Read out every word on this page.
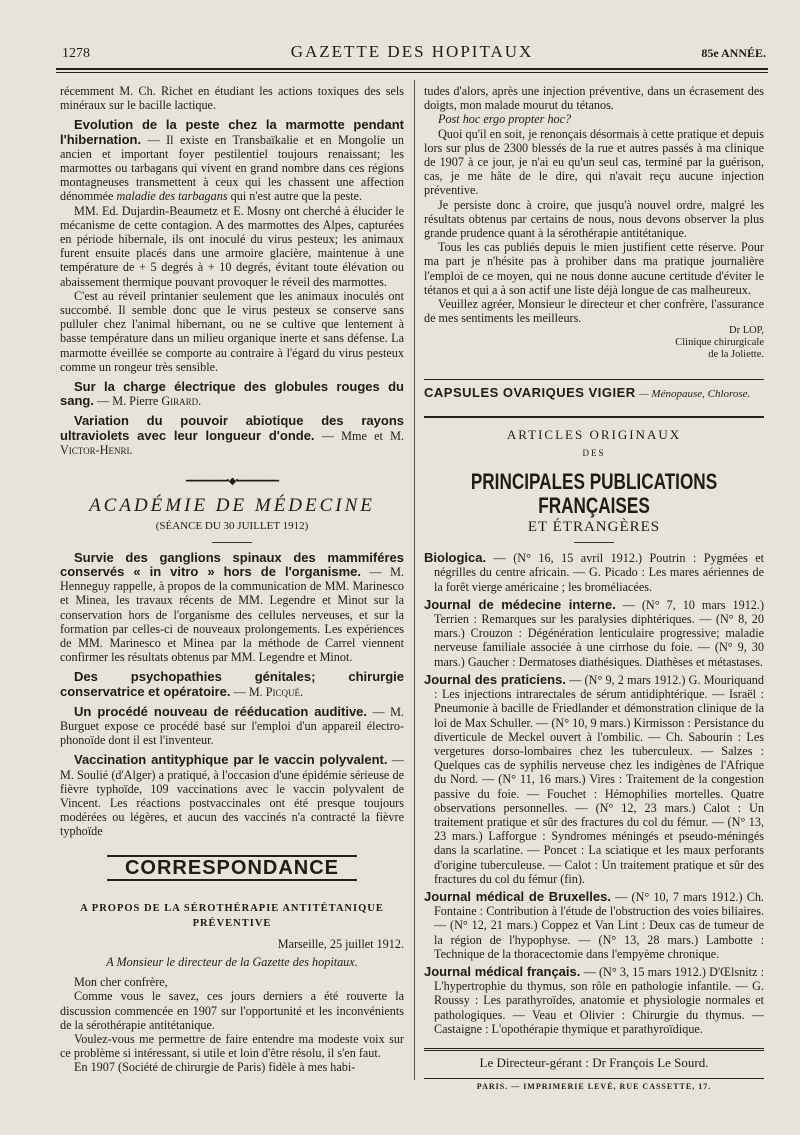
1278	GAZETTE DES HOPITAUX	85e ANNÉE.

récemment M. Ch. Richet en étudiant les actions toxiques des sels minéraux sur le bacille lactique.

Evolution de la peste chez la marmotte pendant l'hibernation. — Il existe en Transbaïkalie et en Mongolie un ancien et important foyer pestilentiel toujours renaissant; les marmottes ou tarbagans qui vivent en grand nombre dans ces régions montagneuses transmettent à ceux qui les chassent une affection dénommée maladie des tarbagans qui n'est autre que la peste.

MM. Ed. Dujardin-Beaumetz et E. Mosny ont cherché à élucider le mécanisme de cette contagion. A des marmottes des Alpes, capturées en période hibernale, ils ont inoculé du virus pesteux; les animaux furent ensuite placés dans une armoire glacière, maintenue à une température de + 5 degrés à + 10 degrés, évitant toute élévation ou abaissement thermique pouvant provoquer le réveil des marmottes.

C'est au réveil printanier seulement que les animaux inoculés ont succombé. Il semble donc que le virus pesteux se conserve sans pulluler chez l'animal hibernant, ou ne se cultive que lentement à basse température dans un milieu organique inerte et sans défense. La marmotte éveillée se comporte au contraire à l'égard du virus pesteux comme un rongeur très sensible.

Sur la charge électrique des globules rouges du sang. — M. Pierre Girard.

Variation du pouvoir abiotique des rayons ultraviolets avec leur longueur d'onde. — Mme et M. Victor-Henri.

━━━━━━━━•◆•━━━━━━━━
ACADÉMIE DE MÉDECINE
(SÉANCE DU 30 JUILLET 1912)

Survie des ganglions spinaux des mammiféres conservés « in vitro » hors de l'organisme. — M. Henneguy rappelle, à propos de la communication de MM. Marinesco et Minea, les travaux récents de MM. Legendre et Minot sur la conservation hors de l'organisme des cellules nerveuses, et sur la formation par celles-ci de nouveaux prolongements. Les expériences de MM. Marinesco et Minea par la méthode de Carrel viennent confirmer les résultats obtenus par MM. Legendre et Minot.

Des psychopathies génitales; chirurgie conservatrice et opératoire. — M. Picqué.

Un procédé nouveau de rééducation auditive. — M. Burguet expose ce procédé basé sur l'emploi d'un appareil électro-phonoïde dont il est l'inventeur.

Vaccination antityphique par le vaccin polyvalent. — M. Soulié (d'Alger) a pratiqué, à l'occasion d'une épidémie sérieuse de fièvre typhoïde, 109 vaccinations avec le vaccin polyvalent de Vincent. Les réactions postvaccinales ont été presque toujours modérées ou légères, et aucun des vaccinés n'a contracté la fièvre typhoïde

CORRESPONDANCE
A PROPOS DE LA SÉROTHÉRAPIE ANTITÉTANIQUE PRÉVENTIVE

Marseille, 25 juillet 1912.

A Monsieur le directeur de la Gazette des hopitaux.

Mon cher confrère,

Comme vous le savez, ces jours derniers a été rouverte la discussion commencée en 1907 sur l'opportunité et les inconvénients de la sérothérapie antitétanique.

Voulez-vous me permettre de faire entendre ma modeste voix sur ce problème si intéressant, si utile et loin d'être résolu, il s'en faut.

En 1907 (Société de chirurgie de Paris) fidèle à mes habi-

tudes d'alors, après une injection préventive, dans un écrasement des doigts, mon malade mourut du tétanos.

Post hoc ergo propter hoc?

Quoi qu'il en soit, je renonçais désormais à cette pratique et depuis lors sur plus de 2300 blessés de la rue et autres passés à ma clinique de 1907 à ce jour, je n'ai eu qu'un seul cas, terminé par la guérison, cas, je me hâte de le dire, qui n'avait reçu aucune injection préventive.

Je persiste donc à croire, que jusqu'à nouvel ordre, malgré les résultats obtenus par certains de nous, nous devons observer la plus grande prudence quant à la sérothérapie antitétanique.

Tous les cas publiés depuis le mien justifient cette réserve. Pour ma part je n'hésite pas à prohiber dans ma pratique journalière l'emploi de ce moyen, qui ne nous donne aucune certitude d'éviter le tétanos et qui a à son actif une liste déjà longue de cas malheureux.

Veuillez agréer, Monsieur le directeur et cher confrère, l'assurance de mes sentiments les meilleurs.

Dr LOP,
Clinique chirurgicale
de la Joliette.
CAPSULES OVARIQUES VIGIER — Ménopause, Chlorose.
ARTICLES ORIGINAUX
DES
PRINCIPALES PUBLICATIONS FRANÇAISES
ET ÉTRANGÈRES

Biologica. — (N° 16, 15 avril 1912.) Poutrin : Pygmées et négrilles du centre africain. — G. Picado : Les mares aériennes de la forêt vierge américaine ; les broméliacées.

Journal de médecine interne. — (N° 7, 10 mars 1912.) Terrien : Remarques sur les paralysies diphtériques. — (N° 8, 20 mars.) Crouzon : Dégénération lenticulaire progressive; maladie nerveuse familiale associée à une cirrhose du foie. — (N° 9, 30 mars.) Gaucher : Dermatoses diathésiques. Diathèses et métastases.

Journal des praticiens. — (N° 9, 2 mars 1912.) G. Mouriquand : Les injections intrarectales de sérum antidiphtérique. — Israël : Pneumonie à bacille de Friedlander et démonstration clinique de la loi de Max Schuller. — (N° 10, 9 mars.) Kirmisson : Persistance du diverticule de Meckel ouvert à l'ombilic. — Ch. Sabourin : Les vergetures dorso-lombaires chez les tuberculeux. — Salzes : Quelques cas de syphilis nerveuse chez les indigènes de l'Afrique du Nord. — (N° 11, 16 mars.) Vires : Traitement de la congestion passive du foie. — Fouchet : Hémophilies mortelles. Quatre observations personnelles. — (N° 12, 23 mars.) Calot : Un traitement pratique et sûr des fractures du col du fémur. — (N° 13, 23 mars.) Lafforgue : Syndromes méningés et pseudo-méningés dans la scarlatine. — Poncet : La sciatique et les maux perforants d'origine tuberculeuse. — Calot : Un traitement pratique et sûr des fractures du col du fémur (fin).

Journal médical de Bruxelles. — (N° 10, 7 mars 1912.) Ch. Fontaine : Contribution à l'étude de l'obstruction des voies biliaires. — (N° 12, 21 mars.) Coppez et Van Lint : Deux cas de tumeur de la région de l'hypophyse. — (N° 13, 28 mars.) Lambotte : Technique de la thoracectomie dans l'empyème chronique.

Journal médical français. — (N° 3, 15 mars 1912.) D'Œlsnitz : L'hypertrophie du thymus, son rôle en pathologie infantile. — G. Roussy : Les parathyroïdes, anatomie et physiologie normales et pathologiques. — Veau et Olivier : Chirurgie du thymus. — Castaigne : L'opothérapie thymique et parathyroïdique.

Le Directeur-gérant : Dr François Le Sourd.
PARIS. — IMPRIMERIE LEVÉ, RUE CASSETTE, 17.
